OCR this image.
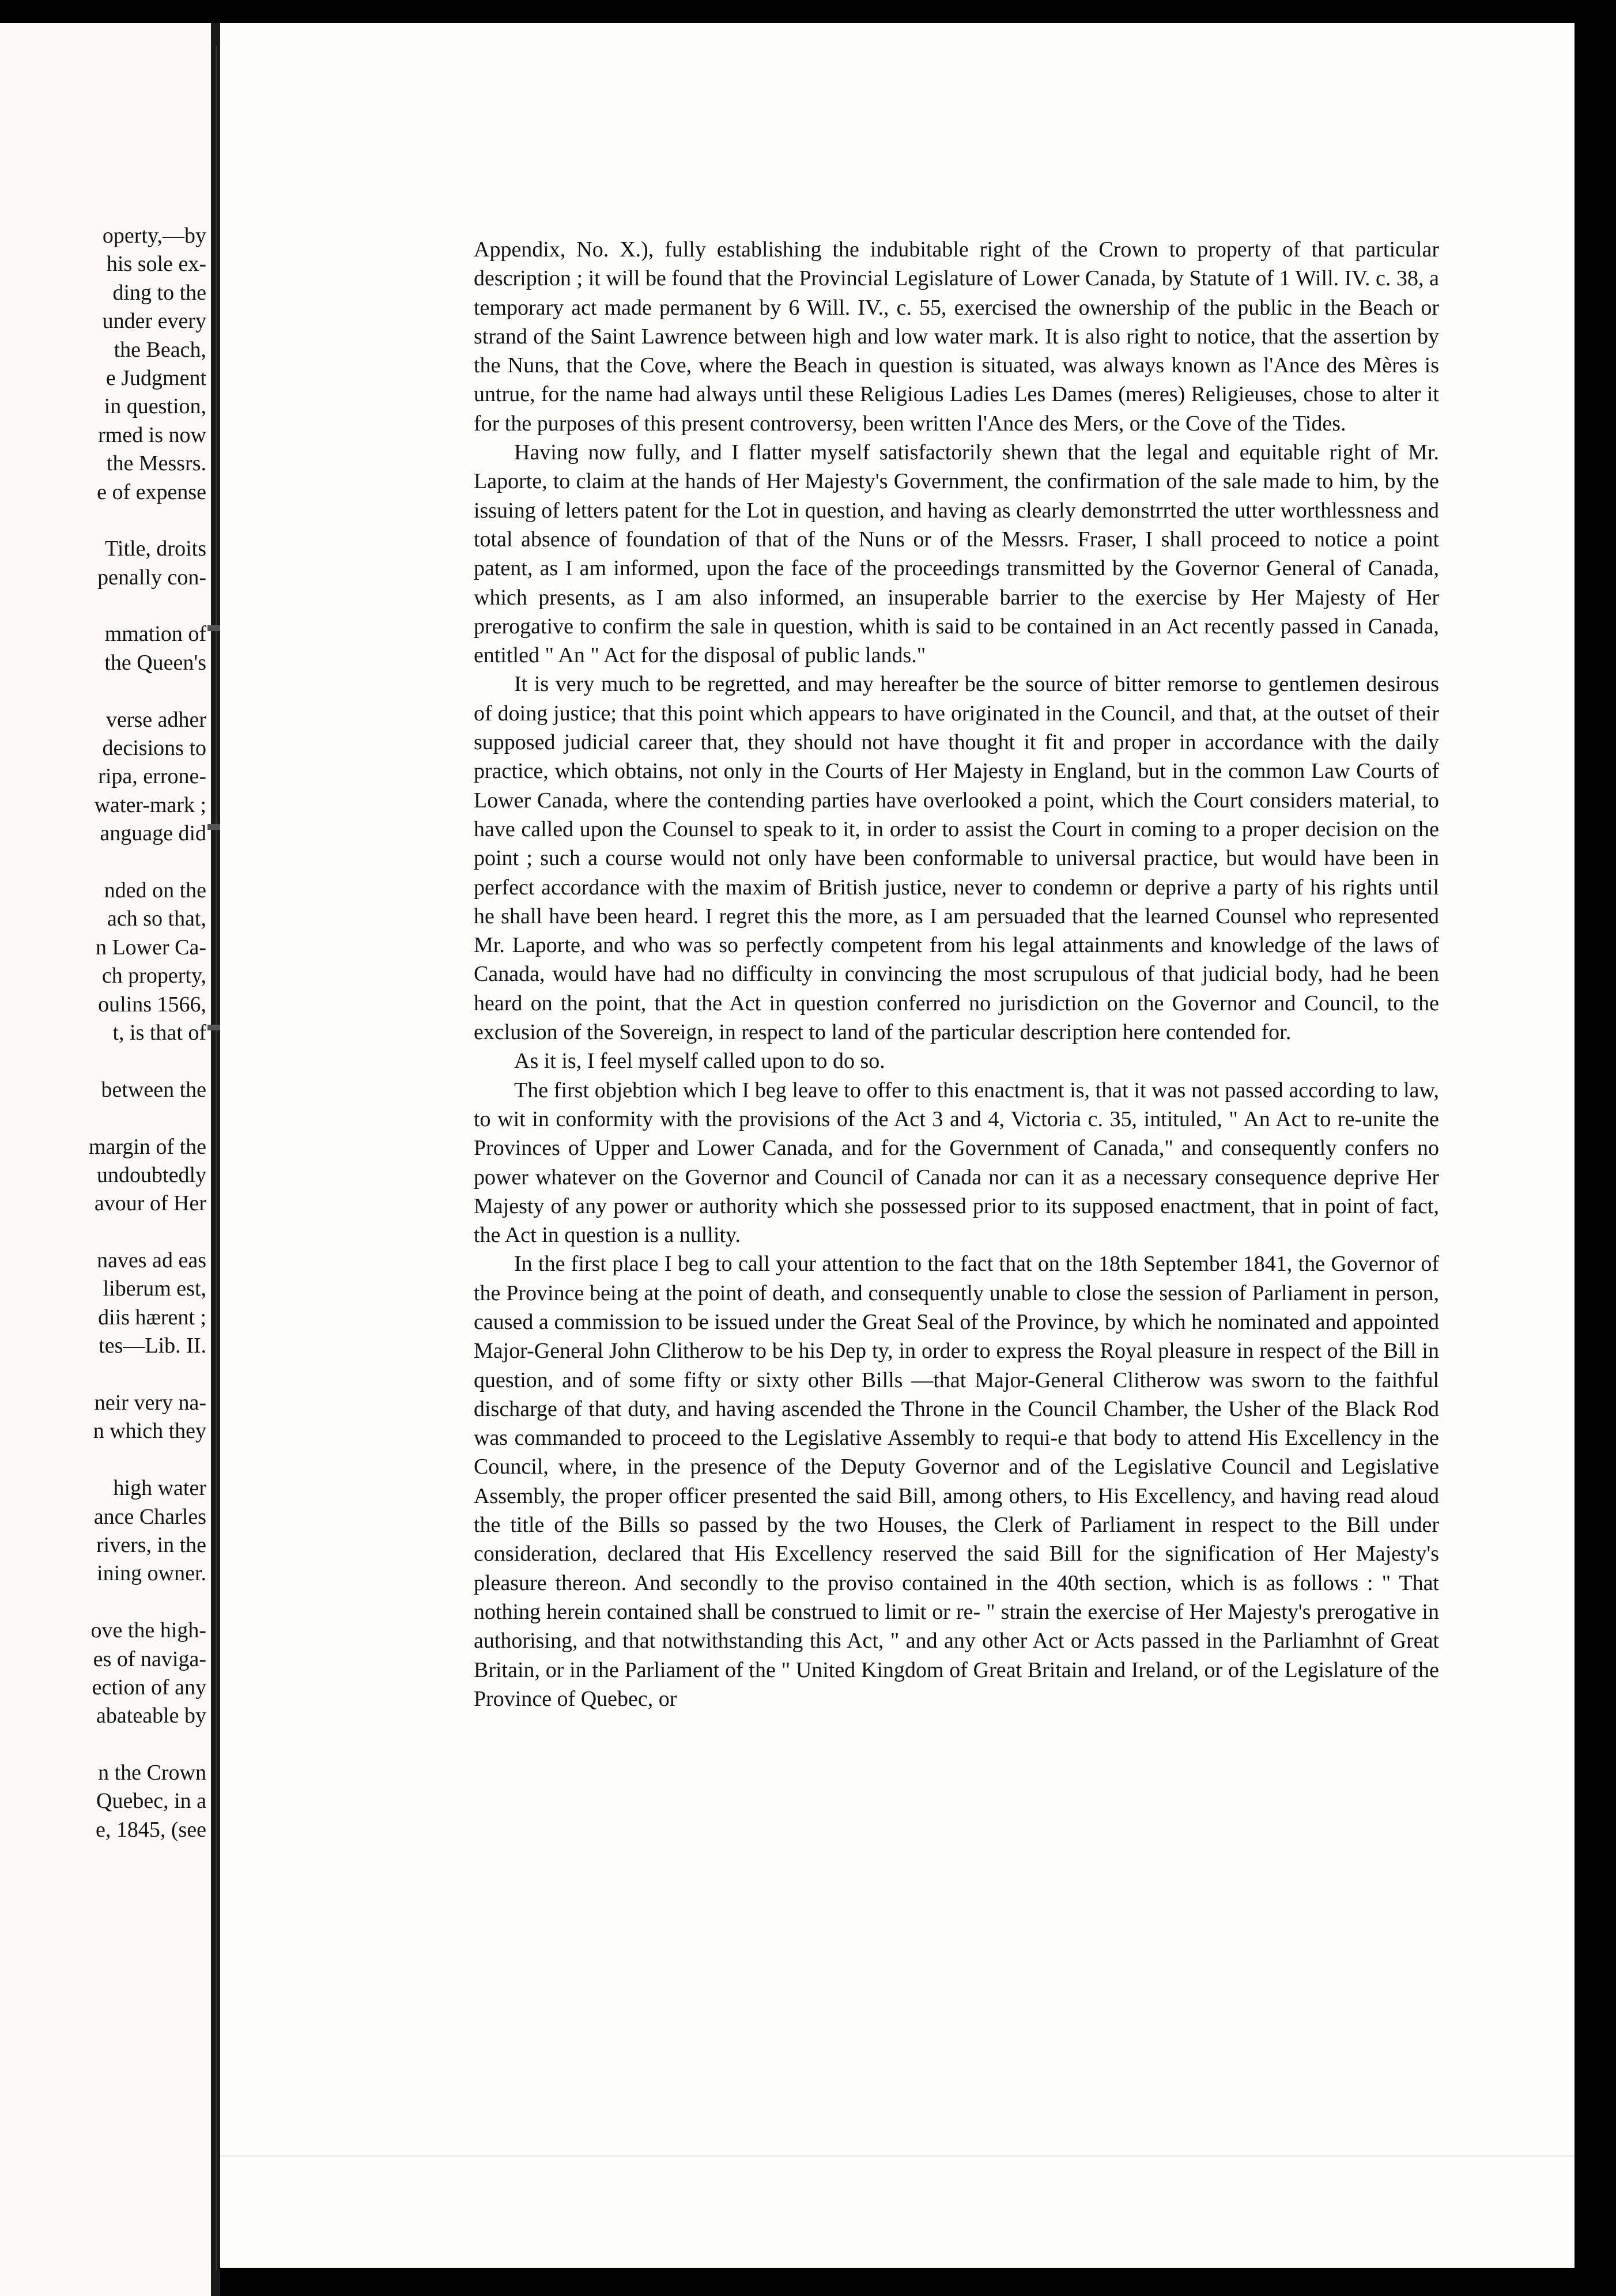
operty,—by
his sole ex-
ding to the
under every
the Beach,
e Judgment
in question,
rmed is now
the Messrs.
e of expense
Title, droits
penally con-
mmation of
the Queen's
verse adher
decisions to
ripa, errone-
water-mark ;
anguage did
nded on the
ach so that,
n Lower Ca-
ch property,
oulins 1566,
t, is that of
between the
margin of the
undoubtedly
avour of Her
naves ad eas
liberum est,
diis hærent ;
tes—Lib. II.
neir very na-
n which they
high water
ance Charles
rivers, in the
ining owner.
ove the high-
es of naviga-
ection of any
abateable by
n the Crown
Quebec, in a
e, 1845, (see

Appendix, No. X.), fully establishing the indubitable right of the Crown to property of that particular description ; it will be found that the Provincial Legislature of Lower Canada, by Statute of 1 Will. IV. c. 38, a temporary act made permanent by 6 Will. IV., c. 55, exercised the ownership of the public in the Beach or strand of the Saint Lawrence between high and low water mark. It is also right to notice, that the assertion by the Nuns, that the Cove, where the Beach in question is situated, was always known as l'Ance des Mères is untrue, for the name had always until these Religious Ladies Les Dames (meres) Religieuses, chose to alter it for the purposes of this present controversy, been written l'Ance des Mers, or the Cove of the Tides.

Having now fully, and I flatter myself satisfactorily shewn that the legal and equitable right of Mr. Laporte, to claim at the hands of Her Majesty's Government, the confirmation of the sale made to him, by the issuing of letters patent for the Lot in question, and having as clearly demonstrrted the utter worthlessness and total absence of foundation of that of the Nuns or of the Messrs. Fraser, I shall proceed to notice a point patent, as I am informed, upon the face of the proceedings transmitted by the Governor General of Canada, which presents, as I am also informed, an insuperable barrier to the exercise by Her Majesty of Her prerogative to confirm the sale in question, whith is said to be contained in an Act recently passed in Canada, entitled " An " Act for the disposal of public lands."

It is very much to be regretted, and may hereafter be the source of bitter remorse to gentlemen desirous of doing justice; that this point which appears to have originated in the Council, and that, at the outset of their supposed judicial career that, they should not have thought it fit and proper in accordance with the daily practice, which obtains, not only in the Courts of Her Majesty in England, but in the common Law Courts of Lower Canada, where the contending parties have overlooked a point, which the Court considers material, to have called upon the Counsel to speak to it, in order to assist the Court in coming to a proper decision on the point ; such a course would not only have been conformable to universal practice, but would have been in perfect accordance with the maxim of British justice, never to condemn or deprive a party of his rights until he shall have been heard. I regret this the more, as I am persuaded that the learned Counsel who represented Mr. Laporte, and who was so perfectly competent from his legal attainments and knowledge of the laws of Canada, would have had no difficulty in convincing the most scrupulous of that judicial body, had he been heard on the point, that the Act in question conferred no jurisdiction on the Governor and Council, to the exclusion of the Sovereign, in respect to land of the particular description here contended for.

As it is, I feel myself called upon to do so.

The first objebtion which I beg leave to offer to this enactment is, that it was not passed according to law, to wit in conformity with the provisions of the Act 3 and 4, Victoria c. 35, intituled, " An Act to re-unite the Provinces of Upper and Lower Canada, and for the Government of Canada," and consequently confers no power whatever on the Governor and Council of Canada nor can it as a necessary consequence deprive Her Majesty of any power or authority which she possessed prior to its supposed enactment, that in point of fact, the Act in question is a nullity.

In the first place I beg to call your attention to the fact that on the 18th September 1841, the Governor of the Province being at the point of death, and consequently unable to close the session of Parliament in person, caused a commission to be issued under the Great Seal of the Province, by which he nominated and appointed Major-General John Clitherow to be his Dep ty, in order to express the Royal pleasure in respect of the Bill in question, and of some fifty or sixty other Bills —that Major-General Clitherow was sworn to the faithful discharge of that duty, and having ascended the Throne in the Council Chamber, the Usher of the Black Rod was commanded to proceed to the Legislative Assembly to requi-e that body to attend His Excellency in the Council, where, in the presence of the Deputy Governor and of the Legislative Council and Legislative Assembly, the proper officer presented the said Bill, among others, to His Excellency, and having read aloud the title of the Bills so passed by the two Houses, the Clerk of Parliament in respect to the Bill under consideration, declared that His Excellency reserved the said Bill for the signification of Her Majesty's pleasure thereon. And secondly to the proviso contained in the 40th section, which is as follows : " That nothing herein contained shall be construed to limit or re- " strain the exercise of Her Majesty's prerogative in authorising, and that notwithstanding this Act, " and any other Act or Acts passed in the Parliamhnt of Great Britain, or in the Parliament of the " United Kingdom of Great Britain and Ireland, or of the Legislature of the Province of Quebec, or
